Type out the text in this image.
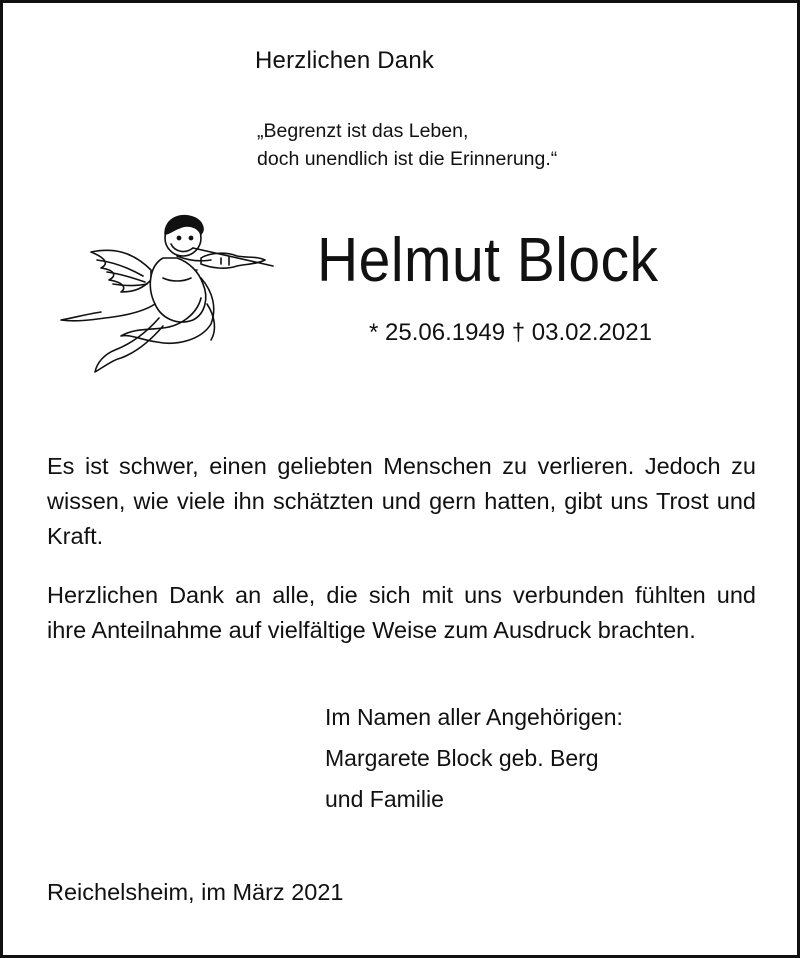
Herzlichen Dank
„Begrenzt ist das Leben,
doch unendlich ist die Erinnerung.“
Helmut Block
* 25.06.1949 † 03.02.2021
Es ist schwer, einen geliebten Menschen zu verlieren. Jedoch zu wissen, wie viele ihn schätzten und gern hatten, gibt uns Trost und Kraft.
Herzlichen Dank an alle, die sich mit uns verbunden fühlten und ihre Anteilnahme auf vielfältige Weise zum Ausdruck brachten.
Im Namen aller Angehörigen:
Margarete Block geb. Berg
und Familie
Reichelsheim, im März 2021
